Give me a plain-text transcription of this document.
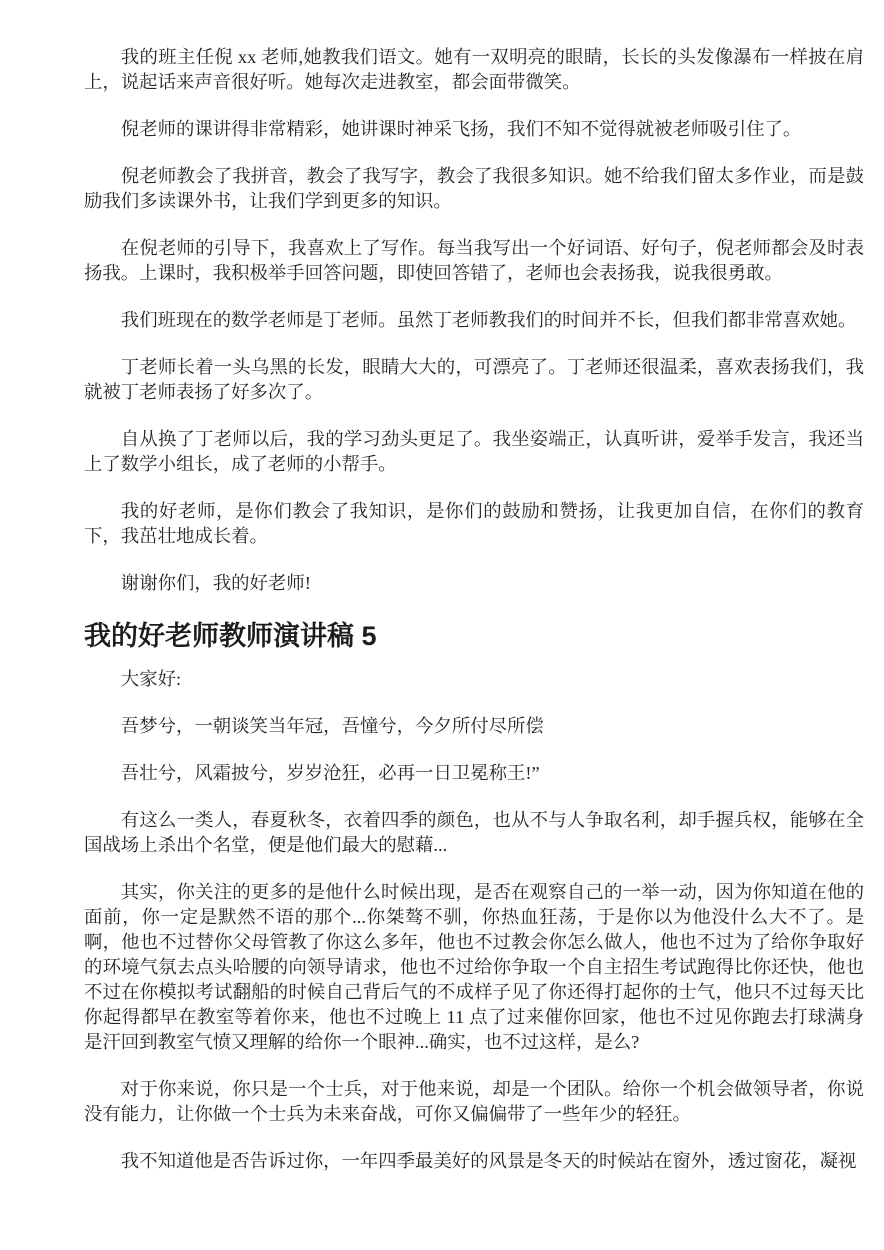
我的班主任倪 xx 老师,她教我们语文。她有一双明亮的眼睛，长长的头发像瀑布一样披在肩上，说起话来声音很好听。她每次走进教室，都会面带微笑。

倪老师的课讲得非常精彩，她讲课时神采飞扬，我们不知不觉得就被老师吸引住了。

倪老师教会了我拼音，教会了我写字，教会了我很多知识。她不给我们留太多作业，而是鼓励我们多读课外书，让我们学到更多的知识。

在倪老师的引导下，我喜欢上了写作。每当我写出一个好词语、好句子，倪老师都会及时表扬我。上课时，我积极举手回答问题，即使回答错了，老师也会表扬我，说我很勇敢。

我们班现在的数学老师是丁老师。虽然丁老师教我们的时间并不长，但我们都非常喜欢她。

丁老师长着一头乌黑的长发，眼睛大大的，可漂亮了。丁老师还很温柔，喜欢表扬我们，我就被丁老师表扬了好多次了。

自从换了丁老师以后，我的学习劲头更足了。我坐姿端正，认真听讲，爱举手发言，我还当上了数学小组长，成了老师的小帮手。

我的好老师，是你们教会了我知识，是你们的鼓励和赞扬，让我更加自信，在你们的教育下，我茁壮地成长着。

谢谢你们，我的好老师!

我的好老师教师演讲稿 5

大家好:

吾梦兮，一朝谈笑当年冠，吾憧兮，今夕所付尽所偿

吾壮兮，风霜披兮，岁岁沧狂，必再一日卫冕称王!”

有这么一类人，春夏秋冬，衣着四季的颜色，也从不与人争取名利，却手握兵权，能够在全国战场上杀出个名堂，便是他们最大的慰藉...

其实，你关注的更多的是他什么时候出现，是否在观察自己的一举一动，因为你知道在他的面前，你一定是默然不语的那个...你桀骜不驯，你热血狂荡，于是你以为他没什么大不了。是啊，他也不过替你父母管教了你这么多年，他也不过教会你怎么做人，他也不过为了给你争取好的环境气氛去点头哈腰的向领导请求，他也不过给你争取一个自主招生考试跑得比你还快，他也不过在你模拟考试翻船的时候自己背后气的不成样子见了你还得打起你的士气，他只不过每天比你起得都早在教室等着你来，他也不过晚上 11 点了过来催你回家，他也不过见你跑去打球满身是汗回到教室气愤又理解的给你一个眼神...确实，也不过这样，是么?

对于你来说，你只是一个士兵，对于他来说，却是一个团队。给你一个机会做领导者，你说没有能力，让你做一个士兵为未来奋战，可你又偏偏带了一些年少的轻狂。

我不知道他是否告诉过你，一年四季最美好的风景是冬天的时候站在窗外，透过窗花，凝视
